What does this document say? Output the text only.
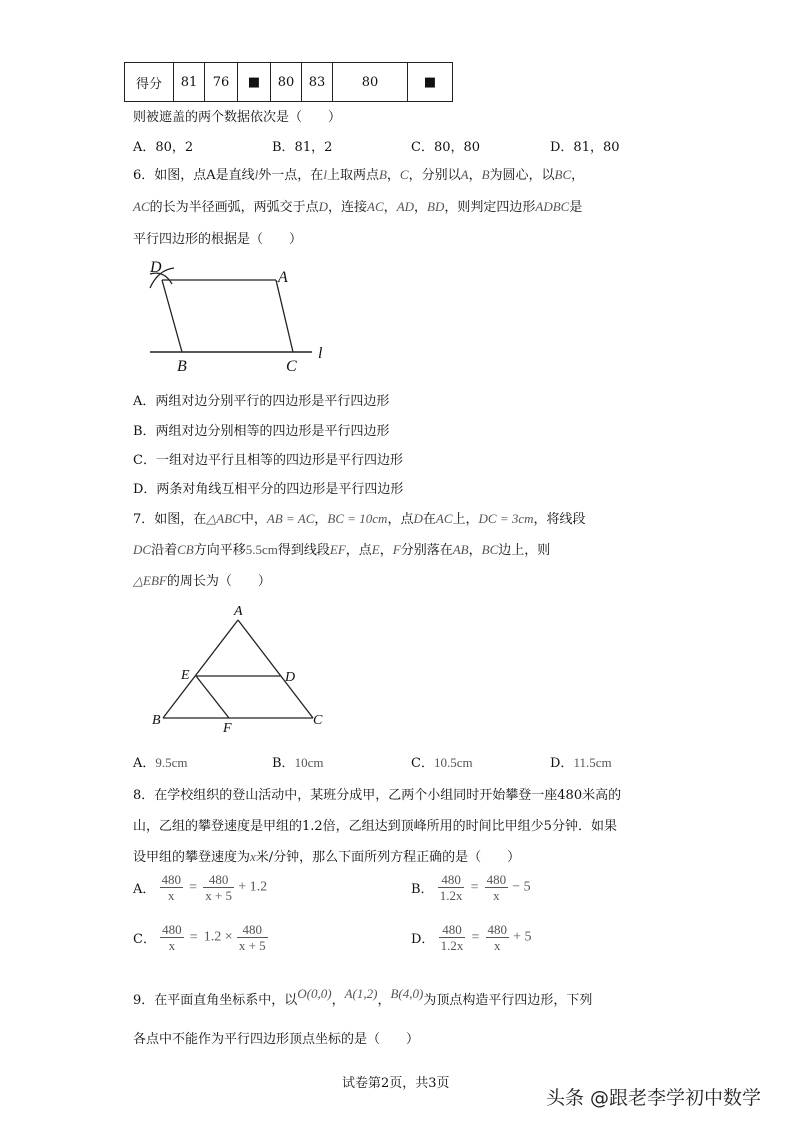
得分	81	76	■	80	83	80	■
则被遮盖的两个数据依次是（　　）
A．80，2	B．81，2	C．80，80	D．81，80
6．如图，点A是直线l外一点，在l上取两点B，C，分别以A，B为圆心，以BC，
AC的长为半径画弧，两弧交于点D，连接AC，AD，BD，则判定四边形ADBC是
平行四边形的根据是（　　）
D
A
B	C
l
A．两组对边分别平行的四边形是平行四边形
B．两组对边分别相等的四边形是平行四边形
C．一组对边平行且相等的四边形是平行四边形
D．两条对角线互相平分的四边形是平行四边形
7．如图，在△ABC中，AB = AC，BC = 10cm，点D在AC上，DC = 3cm，将线段
DC沿着CB方向平移5.5cm得到线段EF，点E，F分别落在AB，BC边上，则
△EBF的周长为（　　）
A
E	D
B
F
C
A．9.5cm	B．10cm	C．10.5cm	D．11.5cm
8．在学校组织的登山活动中，某班分成甲，乙两个小组同时开始攀登一座480米高的
山，乙组的攀登速度是甲组的1.2倍，乙组达到顶峰所用的时间比甲组少5分钟．如果
设甲组的攀登速度为x米/分钟，那么下面所列方程正确的是（　　）
A． $\frac{480}{x} = \frac{480}{x + 5} + 1.2$	B． $\frac{480}{1.2x} = \frac{480}{x} - 5$
C． $\frac{480}{x} = 1.2 \times \frac{480}{x + 5}$	D． $\frac{480}{1.2x} = \frac{480}{x} + 5$
9．在平面直角坐标系中，以O(0,0)，A(1,2)，B(4,0)为顶点构造平行四边形，下列
各点中不能作为平行四边形顶点坐标的是（　　）
试卷第2页，共3页
头条 @跟老李学初中数学
